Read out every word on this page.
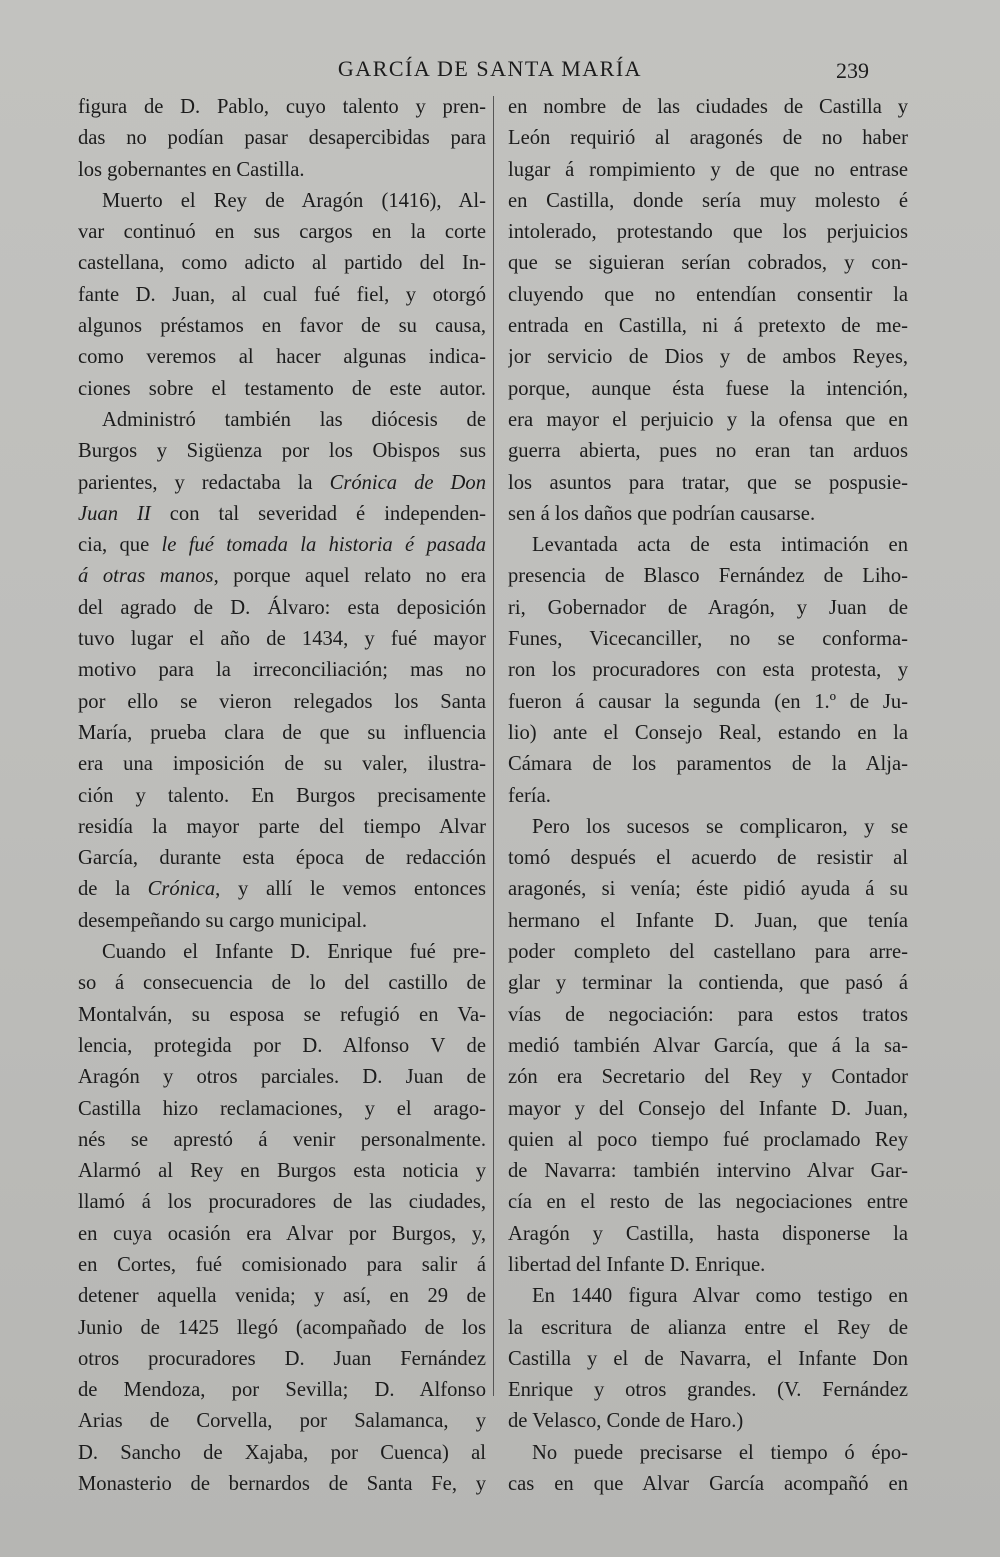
GARCÍA DE SANTA MARÍA	239
figura de D. Pablo, cuyo talento y pren-
das no podían pasar desapercibidas para
los gobernantes en Castilla.
Muerto el Rey de Aragón (1416), Al-
var continuó en sus cargos en la corte
castellana, como adicto al partido del In-
fante D. Juan, al cual fué fiel, y otorgó
algunos préstamos en favor de su causa,
como veremos al hacer algunas indica-
ciones sobre el testamento de este autor.
Administró también las diócesis de
Burgos y Sigüenza por los Obispos sus
parientes, y redactaba la Crónica de Don
Juan II con tal severidad é independen-
cia, que le fué tomada la historia é pasada
á otras manos, porque aquel relato no era
del agrado de D. Álvaro: esta deposición
tuvo lugar el año de 1434, y fué mayor
motivo para la irreconciliación; mas no
por ello se vieron relegados los Santa
María, prueba clara de que su influencia
era una imposición de su valer, ilustra-
ción y talento. En Burgos precisamente
residía la mayor parte del tiempo Alvar
García, durante esta época de redacción
de la Crónica, y allí le vemos entonces
desempeñando su cargo municipal.
Cuando el Infante D. Enrique fué pre-
so á consecuencia de lo del castillo de
Montalván, su esposa se refugió en Va-
lencia, protegida por D. Alfonso V de
Aragón y otros parciales. D. Juan de
Castilla hizo reclamaciones, y el arago-
nés se aprestó á venir personalmente.
Alarmó al Rey en Burgos esta noticia y
llamó á los procuradores de las ciudades,
en cuya ocasión era Alvar por Burgos, y,
en Cortes, fué comisionado para salir á
detener aquella venida; y así, en 29 de
Junio de 1425 llegó (acompañado de los
otros procuradores D. Juan Fernández
de Mendoza, por Sevilla; D. Alfonso
Arias de Corvella, por Salamanca, y
D. Sancho de Xajaba, por Cuenca) al
Monasterio de bernardos de Santa Fe, y
en nombre de las ciudades de Castilla y
León requirió al aragonés de no haber
lugar á rompimiento y de que no entrase
en Castilla, donde sería muy molesto é
intolerado, protestando que los perjuicios
que se siguieran serían cobrados, y con-
cluyendo que no entendían consentir la
entrada en Castilla, ni á pretexto de me-
jor servicio de Dios y de ambos Reyes,
porque, aunque ésta fuese la intención,
era mayor el perjuicio y la ofensa que en
guerra abierta, pues no eran tan arduos
los asuntos para tratar, que se pospusie-
sen á los daños que podrían causarse.
Levantada acta de esta intimación en
presencia de Blasco Fernández de Liho-
ri, Gobernador de Aragón, y Juan de
Funes, Vicecanciller, no se conforma-
ron los procuradores con esta protesta, y
fueron á causar la segunda (en 1.º de Ju-
lio) ante el Consejo Real, estando en la
Cámara de los paramentos de la Alja-
fería.
Pero los sucesos se complicaron, y se
tomó después el acuerdo de resistir al
aragonés, si venía; éste pidió ayuda á su
hermano el Infante D. Juan, que tenía
poder completo del castellano para arre-
glar y terminar la contienda, que pasó á
vías de negociación: para estos tratos
medió también Alvar García, que á la sa-
zón era Secretario del Rey y Contador
mayor y del Consejo del Infante D. Juan,
quien al poco tiempo fué proclamado Rey
de Navarra: también intervino Alvar Gar-
cía en el resto de las negociaciones entre
Aragón y Castilla, hasta disponerse la
libertad del Infante D. Enrique.
En 1440 figura Alvar como testigo en
la escritura de alianza entre el Rey de
Castilla y el de Navarra, el Infante Don
Enrique y otros grandes. (V. Fernández
de Velasco, Conde de Haro.)
No puede precisarse el tiempo ó épo-
cas en que Alvar García acompañó en
